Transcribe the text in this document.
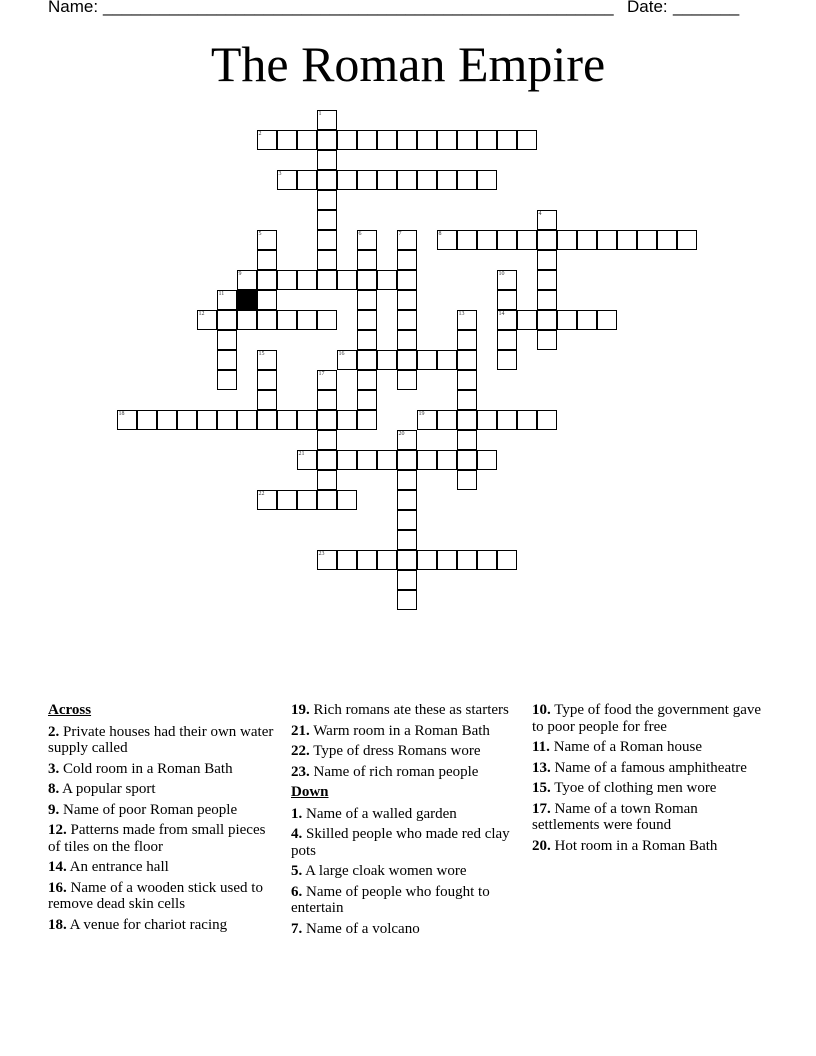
Name: ______________________________________________________ Date: _______
The Roman Empire
1
2
3
4
5	6	7	8
9	10
14
11
12	13
15	16
17
18	19
20
21
22
23
Across
2. Private houses had their own water supply called
3. Cold room in a Roman Bath
8. A popular sport
9. Name of poor Roman people
12. Patterns made from small pieces of tiles on the floor
14. An entrance hall
16. Name of a wooden stick used to remove dead skin cells
18. A venue for chariot racing
19. Rich romans ate these as starters
21. Warm room in a Roman Bath
22. Type of dress Romans wore
23. Name of rich roman people
Down
1. Name of a walled garden
4. Skilled people who made red clay pots
5. A large cloak women wore
6. Name of people who fought to entertain
7. Name of a volcano
10. Type of food the government gave to poor people for free
11. Name of a Roman house
13. Name of a famous amphitheatre
15. Tyoe of clothing men wore
17. Name of a town Roman settlements were found
20. Hot room in a Roman Bath
